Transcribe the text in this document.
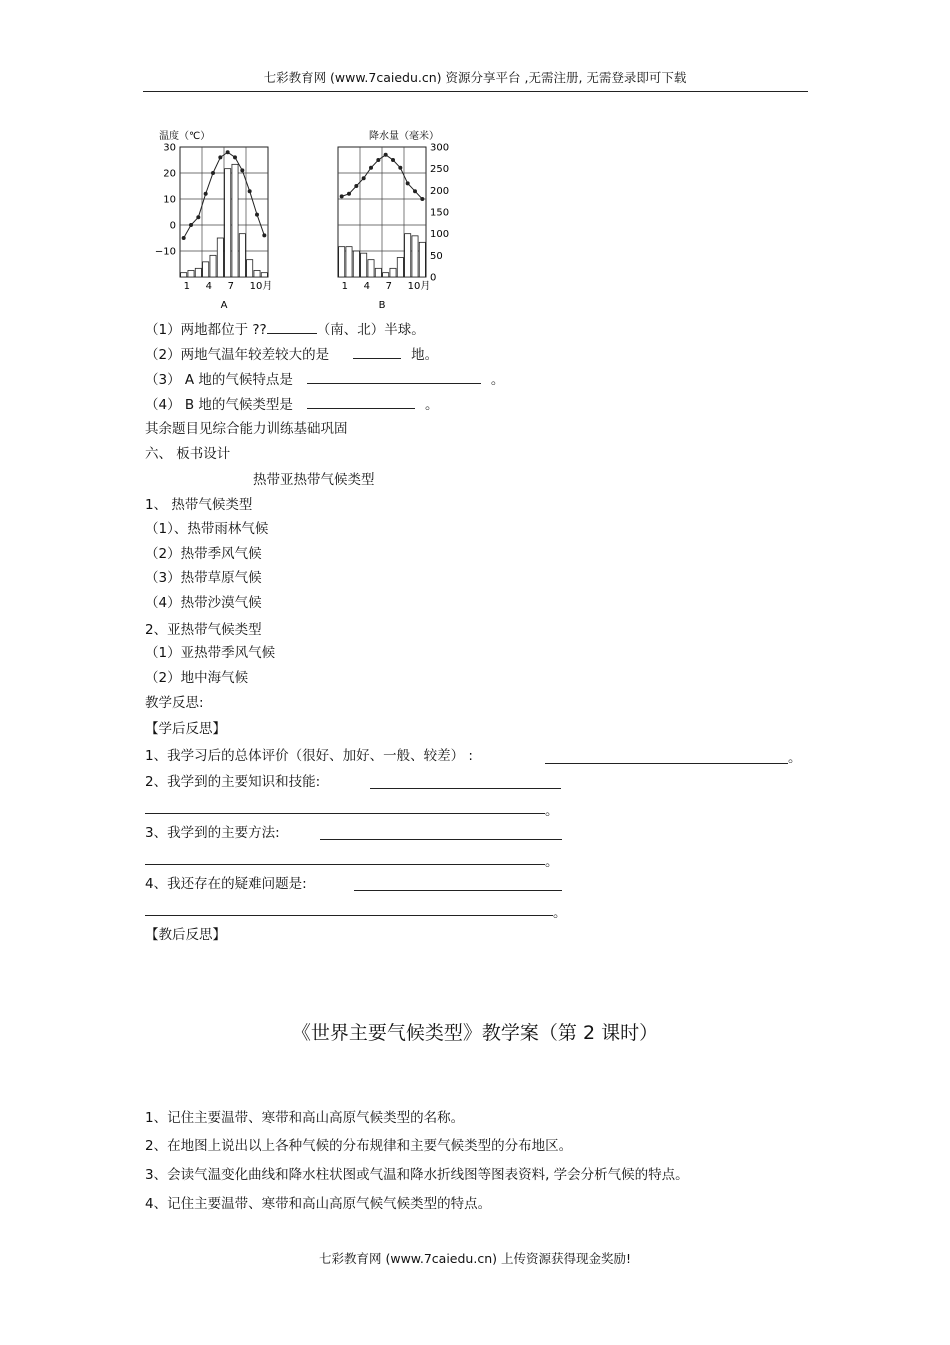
七彩教育网 (www.7caiedu.cn) 资源分享平台 ,无需注册, 无需登录即可下载
温度（℃）	降水量（毫米）
30
20
10
0
−10
1 4 7 10月
A
300
250
200
150
100
50
0
1 4 7 10月
B
（1）两地都位于 ??	（南、北）半球。
（2）两地气温年较差较大的是	地。
（3） A 地的气候特点是	。
（4） B 地的气候类型是	。
其余题目见综合能力训练基础巩固
六、 板书设计
热带亚热带气候类型
1、 热带气候类型
（1）、热带雨林气候
（2）热带季风气候
（3）热带草原气候
（4）热带沙漠气候
2、亚热带气候类型
（1）亚热带季风气候
（2）地中海气候
教学反思:
【学后反思】
1、我学习后的总体评价（很好、加好、一般、较差） :	。
2、我学到的主要知识和技能:
。
3、我学到的主要方法:
。
4、我还存在的疑难问题是:
。
【教后反思】
《世界主要气候类型》教学案（第 2 课时）
1、记住主要温带、寒带和高山高原气候类型的名称。
2、在地图上说出以上各种气候的分布规律和主要气候类型的分布地区。
3、会读气温变化曲线和降水柱状图或气温和降水折线图等图表资料, 学会分析气候的特点。
4、记住主要温带、寒带和高山高原气候气候类型的特点。
七彩教育网 (www.7caiedu.cn) 上传资源获得现金奖励!
